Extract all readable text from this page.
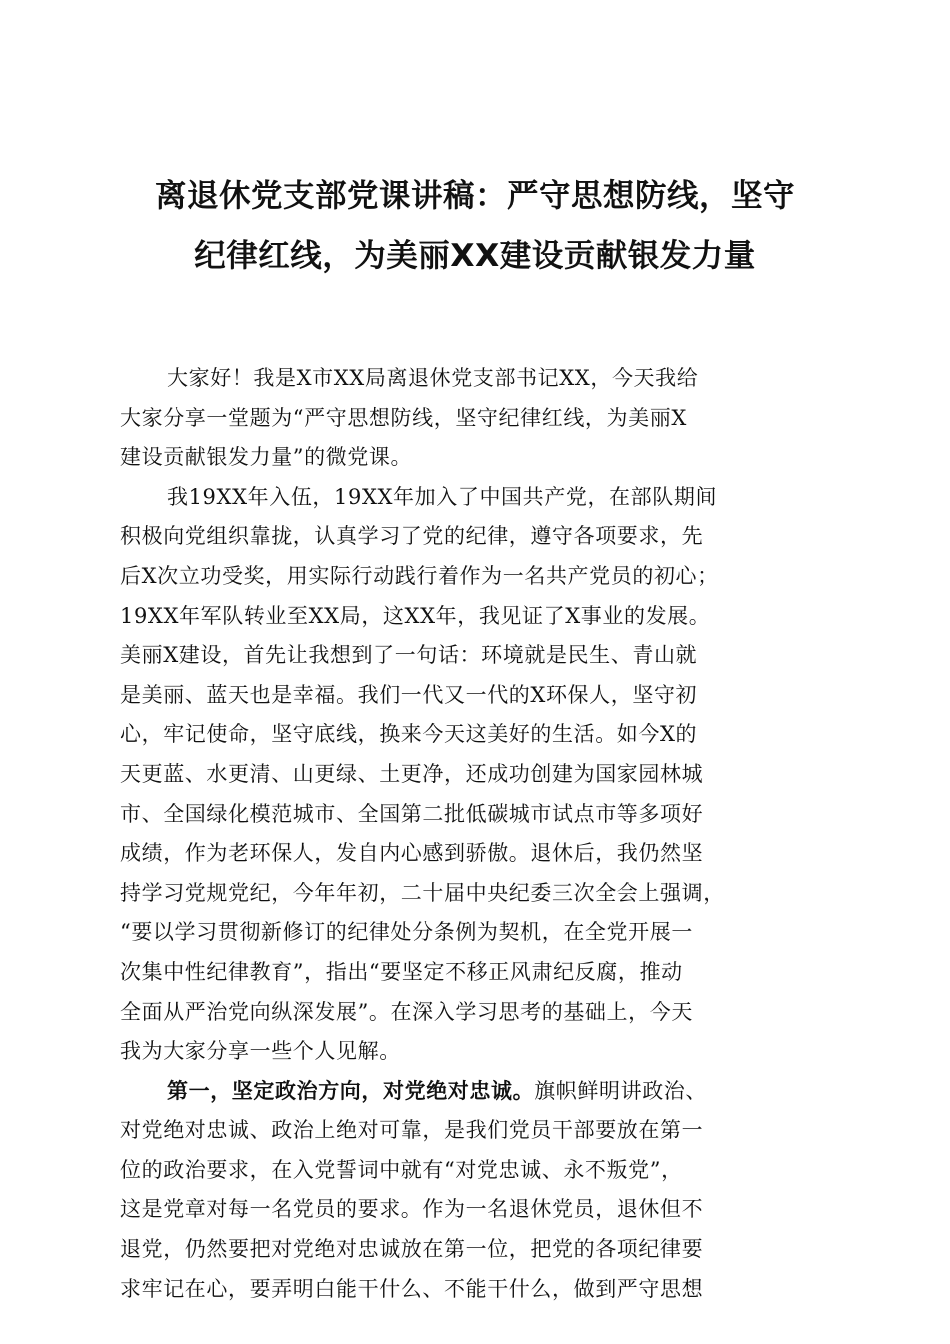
离退休党支部党课讲稿：严守思想防线，坚守
纪律红线，为美丽XX建设贡献银发力量

大家好！我是X市XX局离退休党支部书记XX，今天我给
大家分享一堂题为“严守思想防线，坚守纪律红线，为美丽X
建设贡献银发力量”的微党课。

我19XX年入伍，19XX年加入了中国共产党，在部队期间
积极向党组织靠拢，认真学习了党的纪律，遵守各项要求，先
后X次立功受奖，用实际行动践行着作为一名共产党员的初心；
19XX年军队转业至XX局，这XX年，我见证了X事业的发展。
美丽X建设，首先让我想到了一句话：环境就是民生、青山就
是美丽、蓝天也是幸福。我们一代又一代的X环保人，坚守初
心，牢记使命，坚守底线，换来今天这美好的生活。如今X的
天更蓝、水更清、山更绿、土更净，还成功创建为国家园林城
市、全国绿化模范城市、全国第二批低碳城市试点市等多项好
成绩，作为老环保人，发自内心感到骄傲。退休后，我仍然坚
持学习党规党纪，今年年初，二十届中央纪委三次全会上强调，
“要以学习贯彻新修订的纪律处分条例为契机，在全党开展一
次集中性纪律教育”，指出“要坚定不移正风肃纪反腐，推动
全面从严治党向纵深发展”。在深入学习思考的基础上，今天
我为大家分享一些个人见解。

第一，坚定政治方向，对党绝对忠诚。旗帜鲜明讲政治、
对党绝对忠诚、政治上绝对可靠，是我们党员干部要放在第一
位的政治要求，在入党誓词中就有“对党忠诚、永不叛党”，
这是党章对每一名党员的要求。作为一名退休党员，退休但不
退党，仍然要把对党绝对忠诚放在第一位，把党的各项纪律要
求牢记在心，要弄明白能干什么、不能干什么，做到严守思想
